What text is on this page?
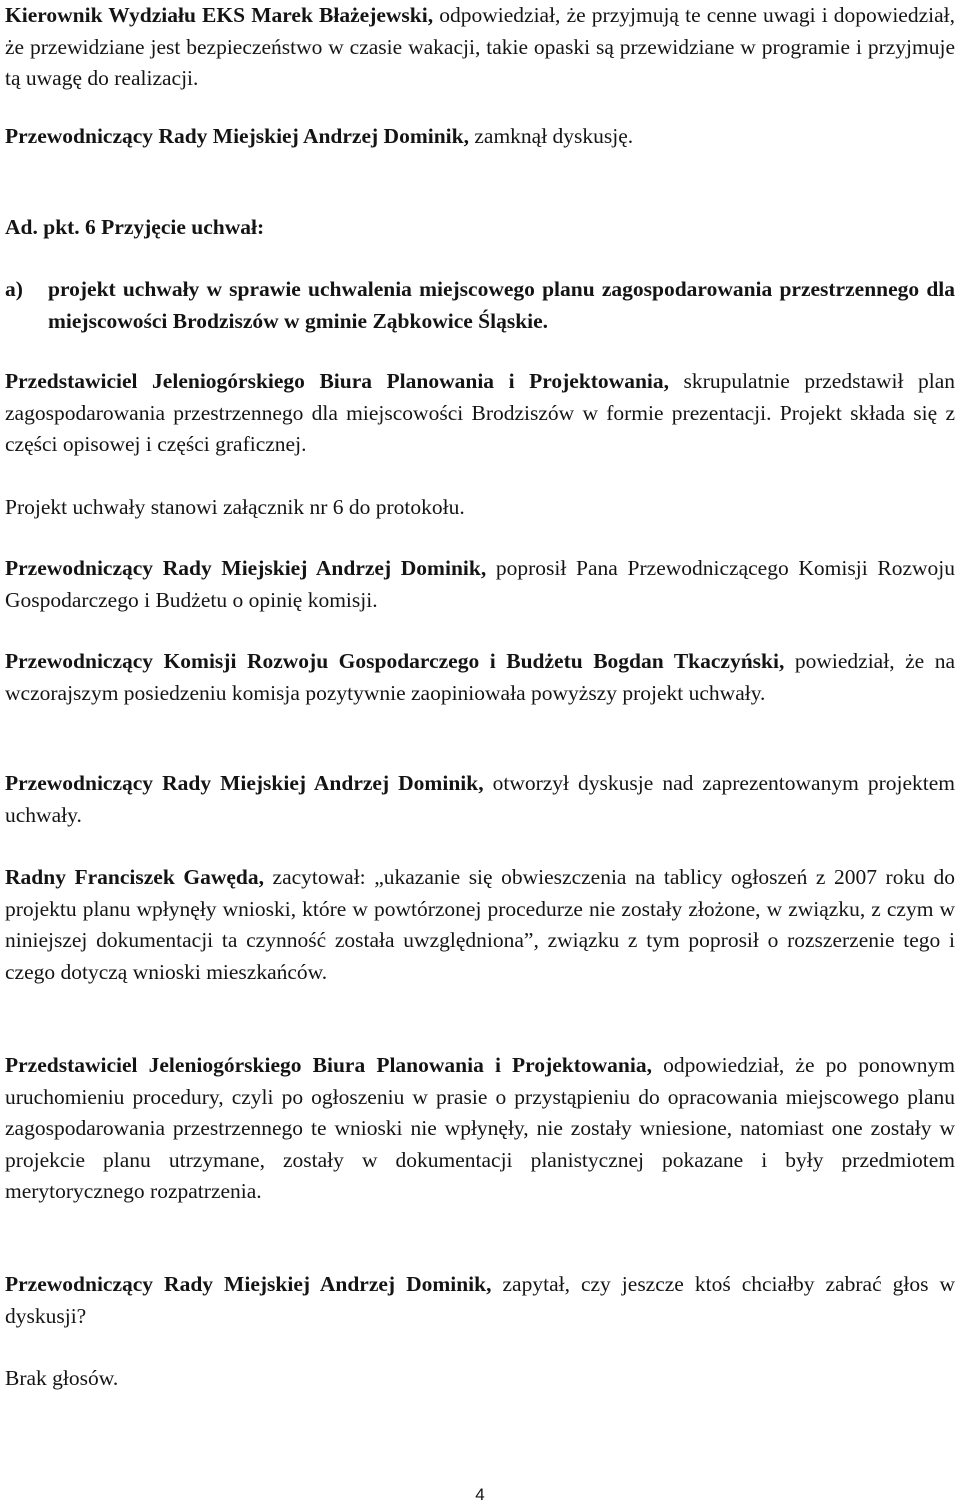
Kierownik Wydziału EKS Marek Błażejewski, odpowiedział, że przyjmują te cenne uwagi i dopowiedział, że przewidziane jest bezpieczeństwo w czasie wakacji, takie opaski są przewidziane w programie i przyjmuje tą uwagę do realizacji.

Przewodniczący Rady Miejskiej Andrzej Dominik, zamknął dyskusję.

Ad. pkt. 6 Przyjęcie uchwał:

a) projekt uchwały w sprawie uchwalenia miejscowego planu zagospodarowania przestrzennego dla miejscowości Brodziszów w gminie Ząbkowice Śląskie.

Przedstawiciel Jeleniogórskiego Biura Planowania i Projektowania, skrupulatnie przedstawił plan zagospodarowania przestrzennego dla miejscowości Brodziszów w formie prezentacji. Projekt składa się z części opisowej i części graficznej.

Projekt uchwały stanowi załącznik nr 6 do protokołu.

Przewodniczący Rady Miejskiej Andrzej Dominik, poprosił Pana Przewodniczącego Komisji Rozwoju Gospodarczego i Budżetu o opinię komisji.

Przewodniczący Komisji Rozwoju Gospodarczego i Budżetu Bogdan Tkaczyński, powiedział, że na wczorajszym posiedzeniu komisja pozytywnie zaopiniowała powyższy projekt uchwały.

Przewodniczący Rady Miejskiej Andrzej Dominik, otworzył dyskusje nad zaprezentowanym projektem uchwały.

Radny Franciszek Gawęda, zacytował: „ukazanie się obwieszczenia na tablicy ogłoszeń z 2007 roku do projektu planu wpłynęły wnioski, które w powtórzonej procedurze nie zostały złożone, w związku, z czym w niniejszej dokumentacji ta czynność została uwzględniona”, związku z tym poprosił o rozszerzenie tego i czego dotyczą wnioski mieszkańców.

Przedstawiciel Jeleniogórskiego Biura Planowania i Projektowania, odpowiedział, że po ponownym uruchomieniu procedury, czyli po ogłoszeniu w prasie o przystąpieniu do opracowania miejscowego planu zagospodarowania przestrzennego te wnioski nie wpłynęły, nie zostały wniesione, natomiast one zostały w projekcie planu utrzymane, zostały w dokumentacji planistycznej pokazane i były przedmiotem merytorycznego rozpatrzenia.

Przewodniczący Rady Miejskiej Andrzej Dominik, zapytał, czy jeszcze ktoś chciałby zabrać głos w dyskusji?

Brak głosów.

4
